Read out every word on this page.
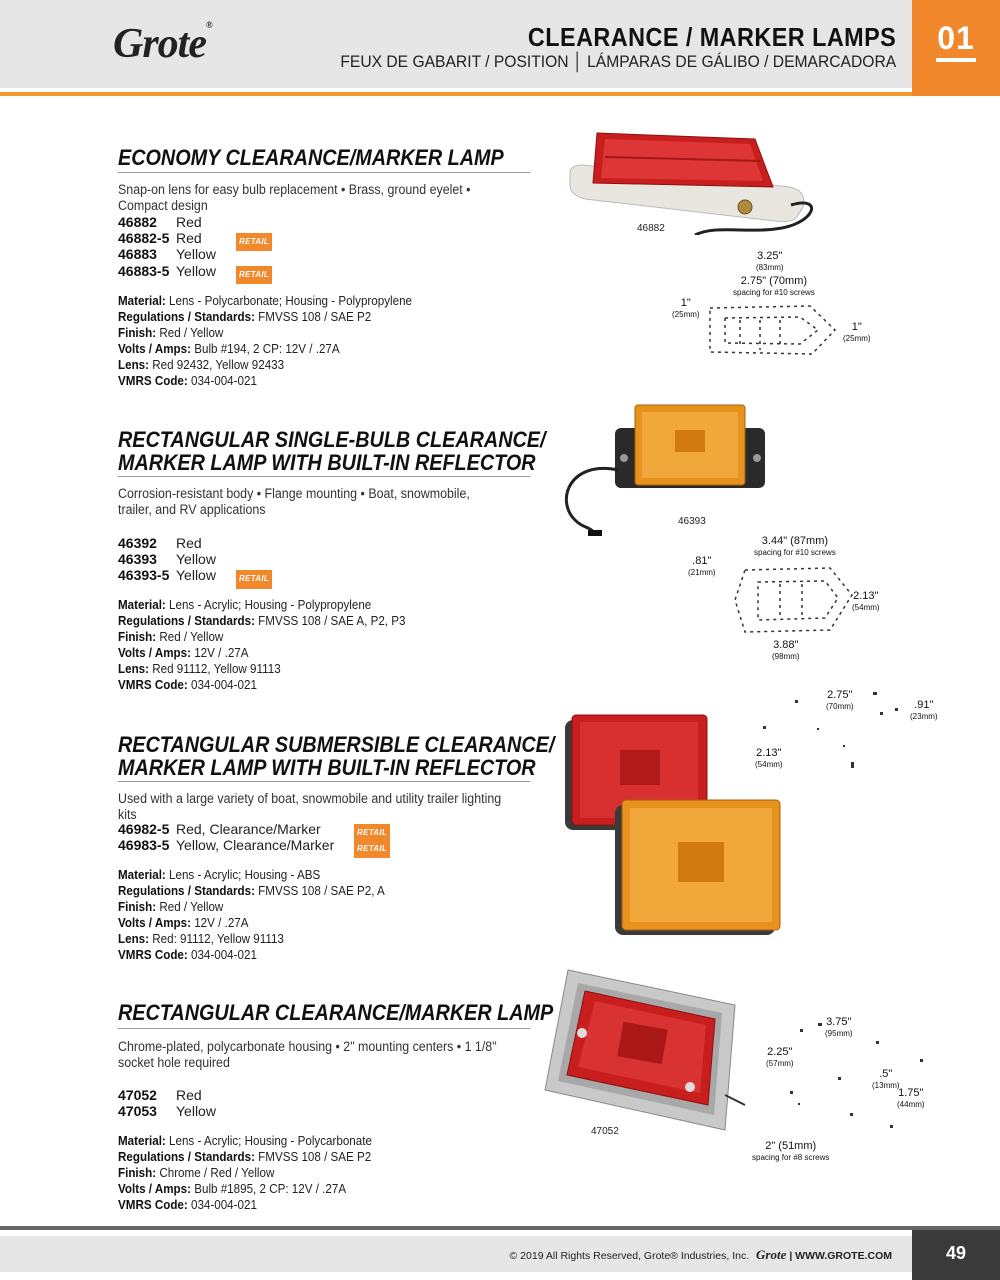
01
Grote®	CLEARANCE / MARKER LAMPS
FEUX DE GABARIT / POSITION │ LÁMPARAS DE GÁLIBO / DEMARCADORA
ECONOMY CLEARANCE/MARKER LAMP
Snap-on lens for easy bulb replacement • Brass, ground eyelet • Compact design
46882 Red
46882-5 Red	RETAIL
46883 Yellow
46883-5 Yellow	RETAIL
Material: Lens - Polycarbonate; Housing - Polypropylene
Regulations / Standards: FMVSS 108 / SAE P2
Finish: Red / Yellow
Volts / Amps: Bulb #194, 2 CP: 12V / .27A
Lens: Red 92432, Yellow 92433
VMRS Code: 034-004-021
46882
3.25"
(83mm)
2.75" (70mm)
spacing for #10 screws
1"
(25mm)
1"
(25mm)
RECTANGULAR SINGLE-BULB CLEARANCE/
MARKER LAMP WITH BUILT-IN REFLECTOR
Corrosion-resistant body • Flange mounting • Boat, snowmobile, trailer, and RV applications
46392 Red
46393 Yellow
46393-5 Yellow	RETAIL
Material: Lens - Acrylic; Housing - Polypropylene
Regulations / Standards: FMVSS 108 / SAE A, P2, P3
Finish: Red / Yellow
Volts / Amps: 12V / .27A
Lens: Red 91112, Yellow 91113
VMRS Code: 034-004-021
46393
3.44" (87mm)
spacing for #10 screws
.81"
(21mm)
2.13"
(54mm)
3.88"
(98mm)
RECTANGULAR SUBMERSIBLE CLEARANCE/
MARKER LAMP WITH BUILT-IN REFLECTOR
Used with a large variety of boat, snowmobile and utility trailer lighting kits
46982-5 Red, Clearance/Marker	RETAIL
46983-5 Yellow, Clearance/Marker	RETAIL
Material: Lens - Acrylic; Housing - ABS
Regulations / Standards: FMVSS 108 / SAE P2, A
Finish: Red / Yellow
Volts / Amps: 12V / .27A
Lens: Red: 91112, Yellow 91113
VMRS Code: 034-004-021
2.75"
(70mm)	.91"
(23mm)
2.13"
(54mm)
RECTANGULAR CLEARANCE/MARKER LAMP
Chrome-plated, polycarbonate housing • 2" mounting centers • 1 1/8" socket hole required
47052 Red
47053 Yellow
Material: Lens - Acrylic; Housing - Polycarbonate
Regulations / Standards: FMVSS 108 / SAE P2
Finish: Chrome / Red / Yellow
Volts / Amps: Bulb #1895, 2 CP: 12V / .27A
VMRS Code: 034-004-021
47052
3.75"
(95mm)
2.25"
(57mm)
.5"
(13mm)
1.75"
(44mm)
2" (51mm)
spacing for #8 screws
49
© 2019 All Rights Reserved, Grote® Industries, Inc. Grote | WWW.GROTE.COM
